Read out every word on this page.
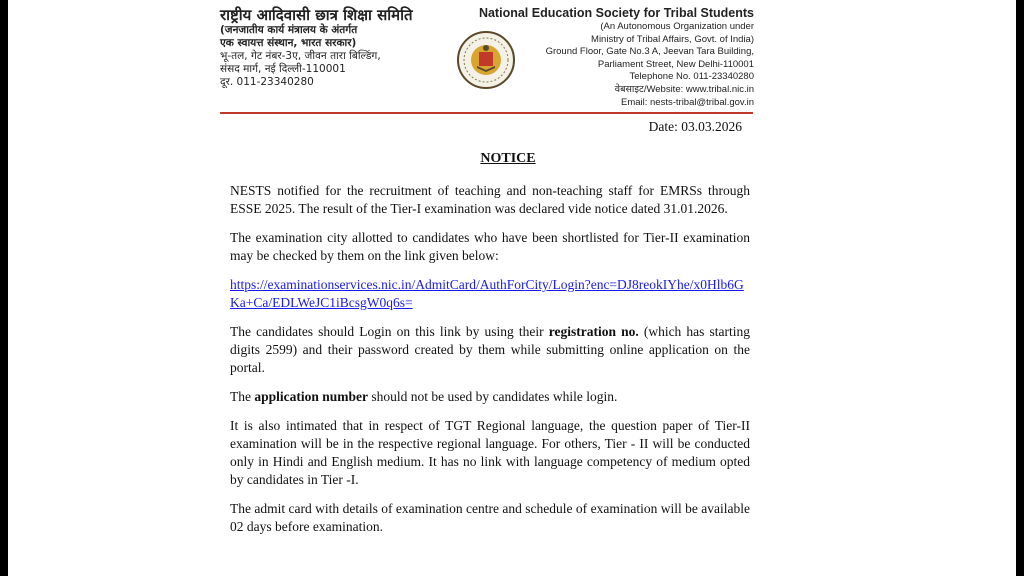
राष्ट्रीय आदिवासी छात्र शिक्षा समिति
(जनजातीय कार्य मंत्रालय के अंतर्गत
एक स्वायत्त संस्थान, भारत सरकार)
भू-तल, गेट नंबर-3ए, जीवन तारा बिल्डिंग,
संसद मार्ग, नई दिल्ली-110001
दूर. 011-23340280
National Education Society for Tribal Students
(An Autonomous Organization under
Ministry of Tribal Affairs, Govt. of India)
Ground Floor, Gate No.3 A, Jeevan Tara Building,
Parliament Street, New Delhi-110001
Telephone No. 011-23340280
वेबसाइट/Website: www.tribal.nic.in
Email: nests-tribal@tribal.gov.in
Date: 03.03.2026
NOTICE

NESTS notified for the recruitment of teaching and non-teaching staff for EMRSs through ESSE 2025. The result of the Tier-I examination was declared vide notice dated 31.01.2026.

The examination city allotted to candidates who have been shortlisted for Tier-II examination may be checked by them on the link given below:

https://examinationservices.nic.in/AdmitCard/AuthForCity/Login?enc=DJ8reokIYhe/x0Hlb6GKa+Ca/EDLWeJC1iBcsgW0q6s=

The candidates should Login on this link by using their registration no. (which has starting digits 2599) and their password created by them while submitting online application on the portal.

The application number should not be used by candidates while login.

It is also intimated that in respect of TGT Regional language, the question paper of Tier-II examination will be in the respective regional language. For others, Tier - II will be conducted only in Hindi and English medium. It has no link with language competency of medium opted by candidates in Tier -I.

The admit card with details of examination centre and schedule of examination will be available 02 days before examination.
